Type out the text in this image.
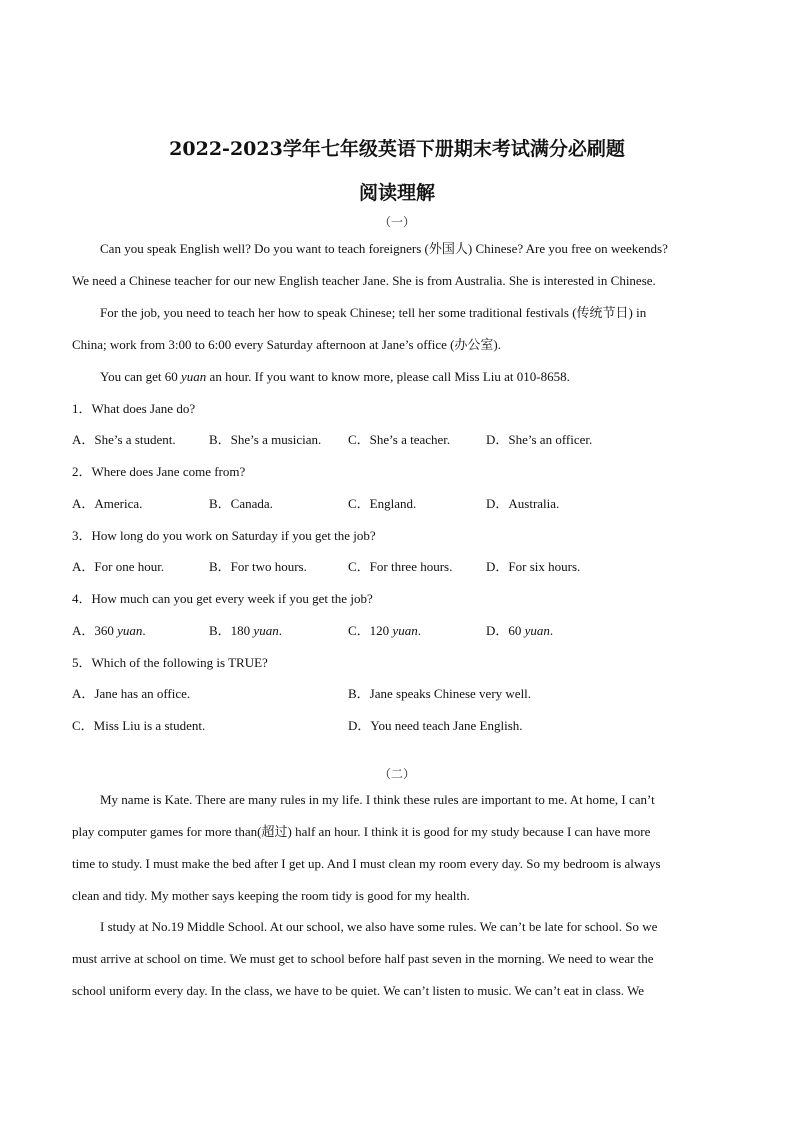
2022-2023学年七年级英语下册期末考试满分必刷题
阅读理解
（一）
Can you speak English well? Do you want to teach foreigners (外国人) Chinese? Are you free on weekends?
We need a Chinese teacher for our new English teacher Jane. She is from Australia. She is interested in Chinese.
For the job, you need to teach her how to speak Chinese; tell her some traditional festivals (传统节日) in
China; work from 3:00 to 6:00 every Saturday afternoon at Jane’s office (办公室).
You can get 60 yuan an hour. If you want to know more, please call Miss Liu at 010-8658.
1．What does Jane do?
A．She’s a student.	B．She’s a musician. C．She’s a teacher.	D．She’s an officer.
2．Where does Jane come from?
A．America.	B．Canada.	C．England.	D．Australia.
3．How long do you work on Saturday if you get the job?
A．For one hour.	B．For two hours.	C．For three hours.	D．For six hours.
4．How much can you get every week if you get the job?
A．360 yuan.	B．180 yuan.	C．120 yuan.	D．60 yuan.
5．Which of the following is TRUE?
A．Jane has an office.	B．Jane speaks Chinese very well.
C．Miss Liu is a student.	D．You need teach Jane English.
（二）
My name is Kate. There are many rules in my life. I think these rules are important to me. At home, I can’t
play computer games for more than(超过) half an hour. I think it is good for my study because I can have more
time to study. I must make the bed after I get up. And I must clean my room every day. So my bedroom is always
clean and tidy. My mother says keeping the room tidy is good for my health.
I study at No.19 Middle School. At our school, we also have some rules. We can’t be late for school. So we
must arrive at school on time. We must get to school before half past seven in the morning. We need to wear the
school uniform every day. In the class, we have to be quiet. We can’t listen to music. We can’t eat in class. We
